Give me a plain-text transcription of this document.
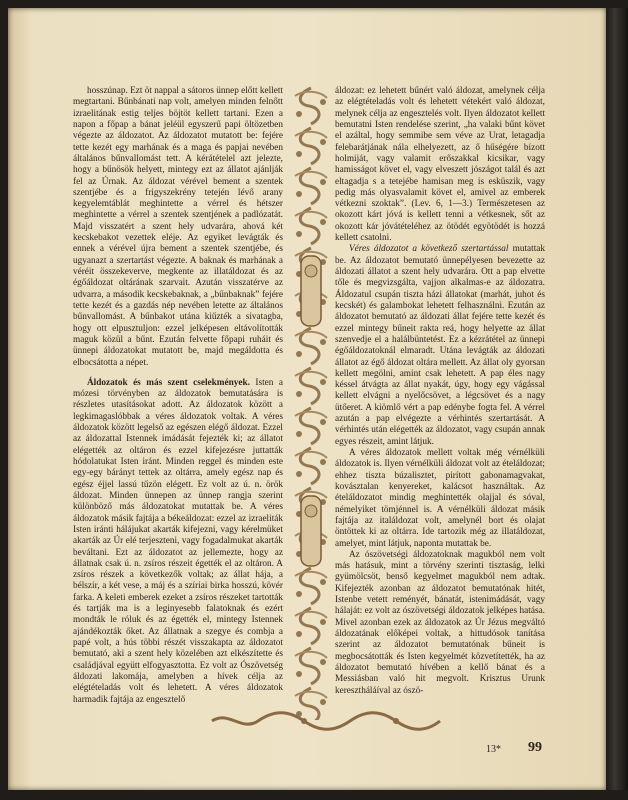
hosszúnap. Ezt öt nappal a sátoros ünnep előtt kellett megtartani. Bűnbánati nap volt, amelyen minden felnőtt izraelitának estig teljes böjtöt kellett tartani. Ezen a napon a főpap a bánat jeléül egyszerű papi öltözetben végezte az áldozatot. Az áldozatot mutatott be: fejére tette kezét egy marhának és a maga és papjai nevében általános bűnvallomást tett. A kérátételel azt jelezte, hogy a bűnösök helyett, mintegy ezt az állatot ajánlják fel az Úrnak. Az áldozat vérével bement a szentek szentjébe és a frigyszekrény tetején lévő arany kegyelemtáblát meghintette a vérrel és hétszer meghintette a vérrel a szentek szentjének a padlózatát. Majd visszatért a szent hely udvarára, ahová két kecskebakot vezettek eléje. Az egyiket levágták és ennek a vérével újra bement a szentek szentjébe, és ugyanazt a szertartást végezte. A baknak és marhának a véréit összekeverve, megkente az illatáldozat és az égőáldozat oltárának szarvait. Azután visszatérve az udvarra, a második kecskebaknak, a „bűnbaknak” fejére tette kezét és a gazdás nép nevében letette az általános bűnvallomást. A bűnbakot utána kiűzték a sivatagba, hogy ott elpusztuljon: ezzel jelképesen eltávolították maguk közül a bűnt. Ezután felvette főpapi ruháit és ünnepi áldozatokat mutatott be, majd megáldotta és elbocsátotta a népet.

Áldozatok és más szent cselekmények. Isten a mózesi törvényben az áldozatok bemutatására is részletes utasításokat adott. Az áldozatok között a legkimagaslóbbak a véres áldozatok voltak. A véres áldozatok között legelső az egészen elégő áldozat. Ezzel az áldozattal Istennek imádását fejezték ki; az állatot elégették az oltáron és ezzel kifejezésre juttatták hódolatukat Isten iránt. Minden reggel és minden este egy-egy bárányt tettek az oltárra, amely egész nap és egész éjjel lassú tűzön elégett. Ez volt az ú. n. örök áldozat. Minden ünnepen az ünnep rangja szerint különböző más áldozatokat mutattak be. A véres áldozatok másik fajtája a békeáldozat: ezzel az izraeliták Isten iránti hálájukat akarták kifejezni, vagy kérelmüket akarták az Úr elé terjeszteni, vagy fogadalmukat akarták beváltani. Ezt az áldozatot az jellemezte, hogy az állatnak csak ú. n. zsíros részeit égették el az oltáron. A zsíros részek a következők voltak; az állat hája, a bélszír, a két vese, a máj és a szíriai birka hosszú, kövér farka. A keleti emberek ezeket a zsíros részeket tartották és tartják ma is a leginyesebb falatoknak és ezért mondták le róluk és az égették el, mintegy Istennek ajándékozták őket. Az állatnak a szegye és combja a papé volt, a hús többi részét visszakapta az áldozatot bemutató, aki a szent hely közelében azt elkészítette és családjával együtt elfogyasztotta. Ez volt az Ószövetség áldozati lakomája, amelyben a hívek célja az elégtételadás volt és lehetett. A véres áldozatok harmadik fajtája az engesztelő

áldozat: ez lehetett bűnért való áldozat, amelynek célja az elégtételadás volt és lehetett vétekért való áldozat, melynek célja az engesztelés volt. Ilyen áldozatot kellett bemutatni Isten rendelése szerint, „ha valaki bűnt követ el azáltal, hogy semmibe sem véve az Urat, letagadja felebarátjának nála elhelyezett, az ő hűségére bízott holmiját, vagy valamit erőszakkal kicsikar, vagy hamisságot követ el, vagy elveszett jószágot talál és azt eltagadja s a tetejébe hamisan meg is esküszik, vagy pedig más olyasvalamit követ el, amivel az emberek vétkezni szoktak”. (Lev. 6, 1—3.) Természetesen az okozott kárt jóvá is kellett tenni a vétkesnek, sőt az okozott kár jóvátételéhez az ötödét egyötödét is hozzá kellett csatolni.

Véres áldozatot a következő szertartással mutattak be. Az áldozatot bemutató ünnepélyesen bevezette az áldozati állatot a szent hely udvarára. Ott a pap elvette tőle és megvizsgálta, vajjon alkalmas-e az áldozatra. Áldozatul csupán tiszta házi állatokat (marhát, juhot és kecskét) és galambokat lehetett felhasználni. Ezután az áldozatot bemutató az áldozati állat fejére tette kezét és ezzel mintegy bűneit rakta reá, hogy helyette az állat szenvedje el a halálbüntetést. Ez a kézrátétel az ünnepi égőáldozatoknál elmaradt. Utána levágták az áldozati állatot az égő áldozat oltára mellett. Az állat oly gyorsan kellett megölni, amint csak lehetett. A pap éles nagy késsel átvágta az állat nyakát, úgy, hogy egy vágással kellett elvágni a nyelőcsövet, a légcsövet és a nagy ütőeret. A kiömlő vért a pap edénybe fogta fel. A vérrel azután a pap elvégezte a vérhintés szertartását. A vérhintés után elégették az áldozatot, vagy csupán annak egyes részeit, amint látjuk.

A véres áldozatok mellett voltak még vérnélküli áldozatok is. Ilyen vérnélküli áldozat volt az ételáldozat; ehhez tiszta búzalisztet, pirított gabonamagvakat, kovásztalan kenyereket, kalácsot használtak. Az ételáldozatot mindig meghintették olajjal és sóval, némelyiket tömjénnel is. A vérnélküli áldozat másik fajtája az italáldozat volt, amelynél bort és olajat öntöttek ki az oltárra. Ide tartozik még az illatáldozat, amelyet, mint látjuk, naponta mutattak be.

Az ószövetségi áldozatoknak magukból nem volt más hatásuk, mint a törvény szerinti tisztaság, lelki gyümölcsöt, benső kegyelmet magukból nem adtak. Kifejezték azonban az áldozatot bemutatónak hitét, Istenbe vetett reményét, bánatát, istenimádását, vagy hálaját: ez volt az ószövetségi áldozatok jelképes hatása. Mivel azonban ezek az áldozatok az Úr Jézus megváltó áldozatának előképei voltak, a hittudósok tanítása szerint az áldozatot bemutatónak bűneit is megbocsátották és Isten kegyelmét közvetítették, ha az áldozatot bemutató hívében a kellő bánat és a Messiásban való hit megvolt. Krisztus Urunk keresztháláíval az ószö-

13* 99
